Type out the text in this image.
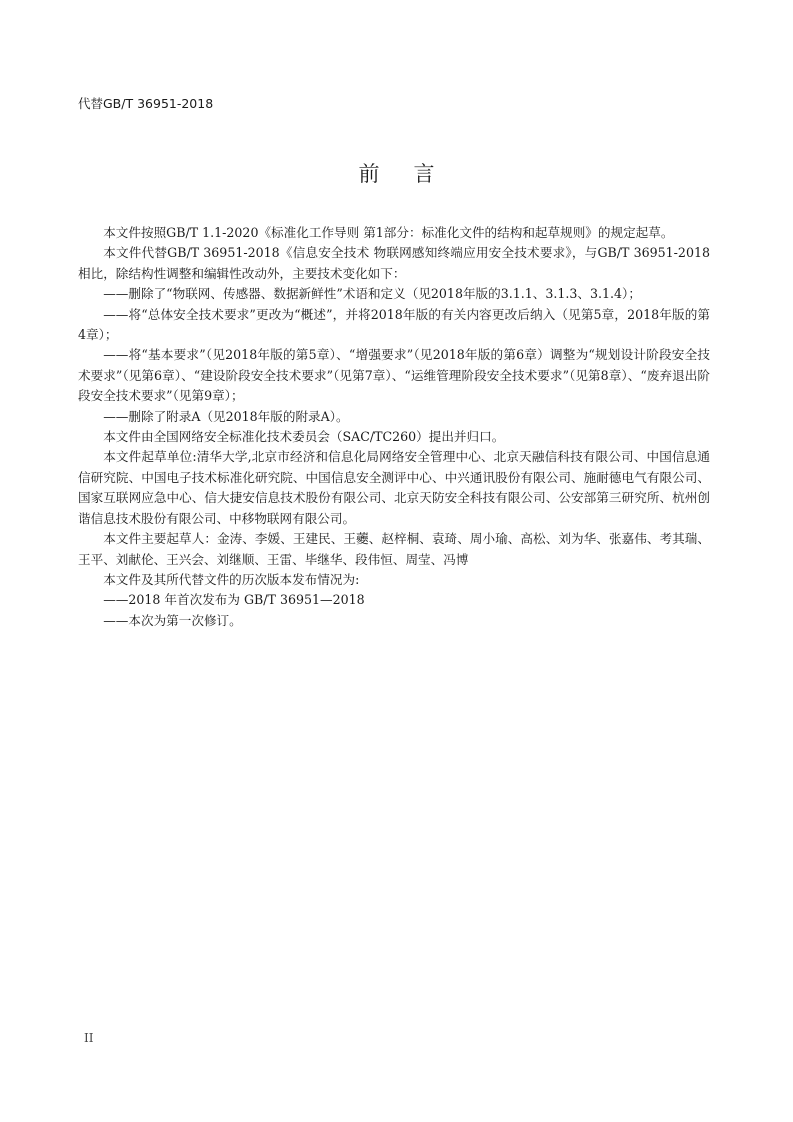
代替GB/T 36951-2018
前言

本文件按照GB/T 1.1-2020《标准化工作导则 第1部分：标准化文件的结构和起草规则》的规定起草。

本文件代替GB/T 36951-2018《信息安全技术 物联网感知终端应用安全技术要求》，与GB/T 36951-2018相比，除结构性调整和编辑性改动外，主要技术变化如下：

——删除了“物联网、传感器、数据新鲜性”术语和定义（见2018年版的3.1.1、3.1.3、3.1.4）；

——将“总体安全技术要求”更改为“概述”，并将2018年版的有关内容更改后纳入（见第5章，2018年版的第4章）；

——将“基本要求”（见2018年版的第5章）、“增强要求”（见2018年版的第6章）调整为“规划设计阶段安全技术要求”（见第6章）、“建设阶段安全技术要求”（见第7章）、“运维管理阶段安全技术要求”（见第8章）、“废弃退出阶段安全技术要求”（见第9章）；

——删除了附录A（见2018年版的附录A）。

本文件由全国网络安全标准化技术委员会（SAC/TC260）提出并归口。

本文件起草单位:清华大学,北京市经济和信息化局网络安全管理中心、北京天融信科技有限公司、中国信息通信研究院、中国电子技术标准化研究院、中国信息安全测评中心、中兴通讯股份有限公司、施耐德电气有限公司、国家互联网应急中心、信大捷安信息技术股份有限公司、北京天防安全科技有限公司、公安部第三研究所、杭州创谐信息技术股份有限公司、中移物联网有限公司。

本文件主要起草人：金涛、李媛、王建民、王虁、赵梓桐、袁琦、周小瑜、高松、刘为华、张嘉伟、考其瑞、王平、刘献伦、王兴会、刘继顺、王雷、毕继华、段伟恒、周莹、冯博

本文件及其所代替文件的历次版本发布情况为:

——2018 年首次发布为 GB/T 36951—2018

——本次为第一次修订。

II
